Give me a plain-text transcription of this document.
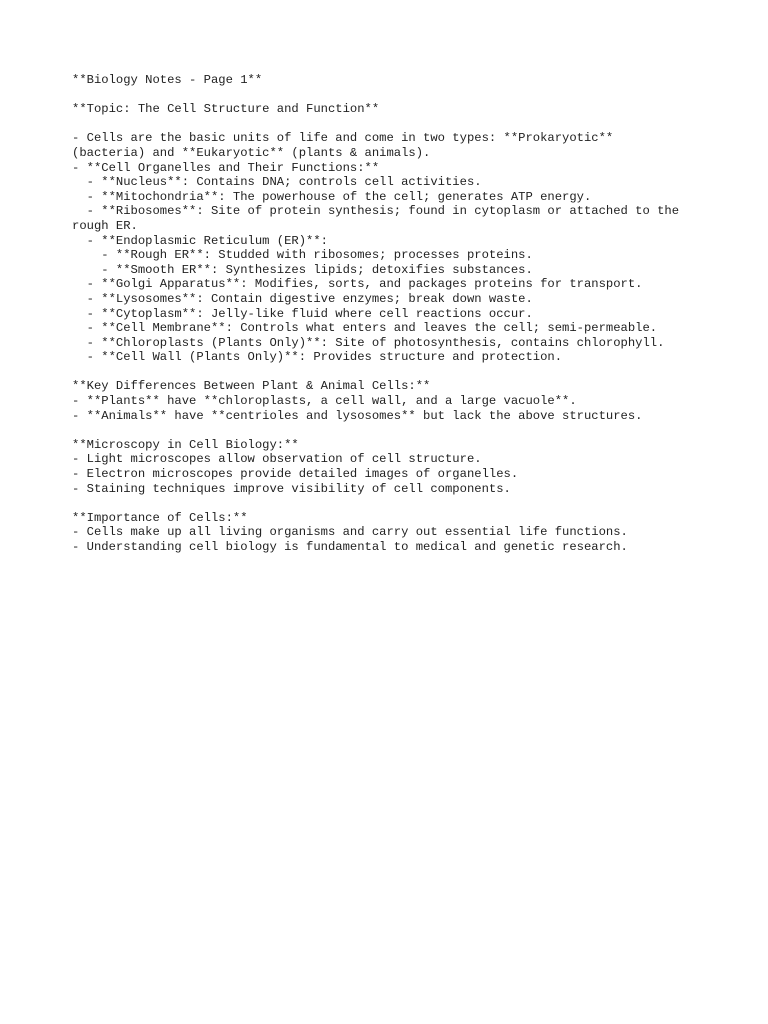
**Biology Notes - Page 1**
**Topic: The Cell Structure and Function**
- Cells are the basic units of life and come in two types: **Prokaryotic**
(bacteria) and **Eukaryotic** (plants & animals).
- **Cell Organelles and Their Functions:**
- **Nucleus**: Contains DNA; controls cell activities.
- **Mitochondria**: The powerhouse of the cell; generates ATP energy.
- **Ribosomes**: Site of protein synthesis; found in cytoplasm or attached to the
rough ER.
- **Endoplasmic Reticulum (ER)**:
- **Rough ER**: Studded with ribosomes; processes proteins.
- **Smooth ER**: Synthesizes lipids; detoxifies substances.
- **Golgi Apparatus**: Modifies, sorts, and packages proteins for transport.
- **Lysosomes**: Contain digestive enzymes; break down waste.
- **Cytoplasm**: Jelly-like fluid where cell reactions occur.
- **Cell Membrane**: Controls what enters and leaves the cell; semi-permeable.
- **Chloroplasts (Plants Only)**: Site of photosynthesis, contains chlorophyll.
- **Cell Wall (Plants Only)**: Provides structure and protection.
**Key Differences Between Plant & Animal Cells:**
- **Plants** have **chloroplasts, a cell wall, and a large vacuole**.
- **Animals** have **centrioles and lysosomes** but lack the above structures.
**Microscopy in Cell Biology:**
- Light microscopes allow observation of cell structure.
- Electron microscopes provide detailed images of organelles.
- Staining techniques improve visibility of cell components.
**Importance of Cells:**
- Cells make up all living organisms and carry out essential life functions.
- Understanding cell biology is fundamental to medical and genetic research.
